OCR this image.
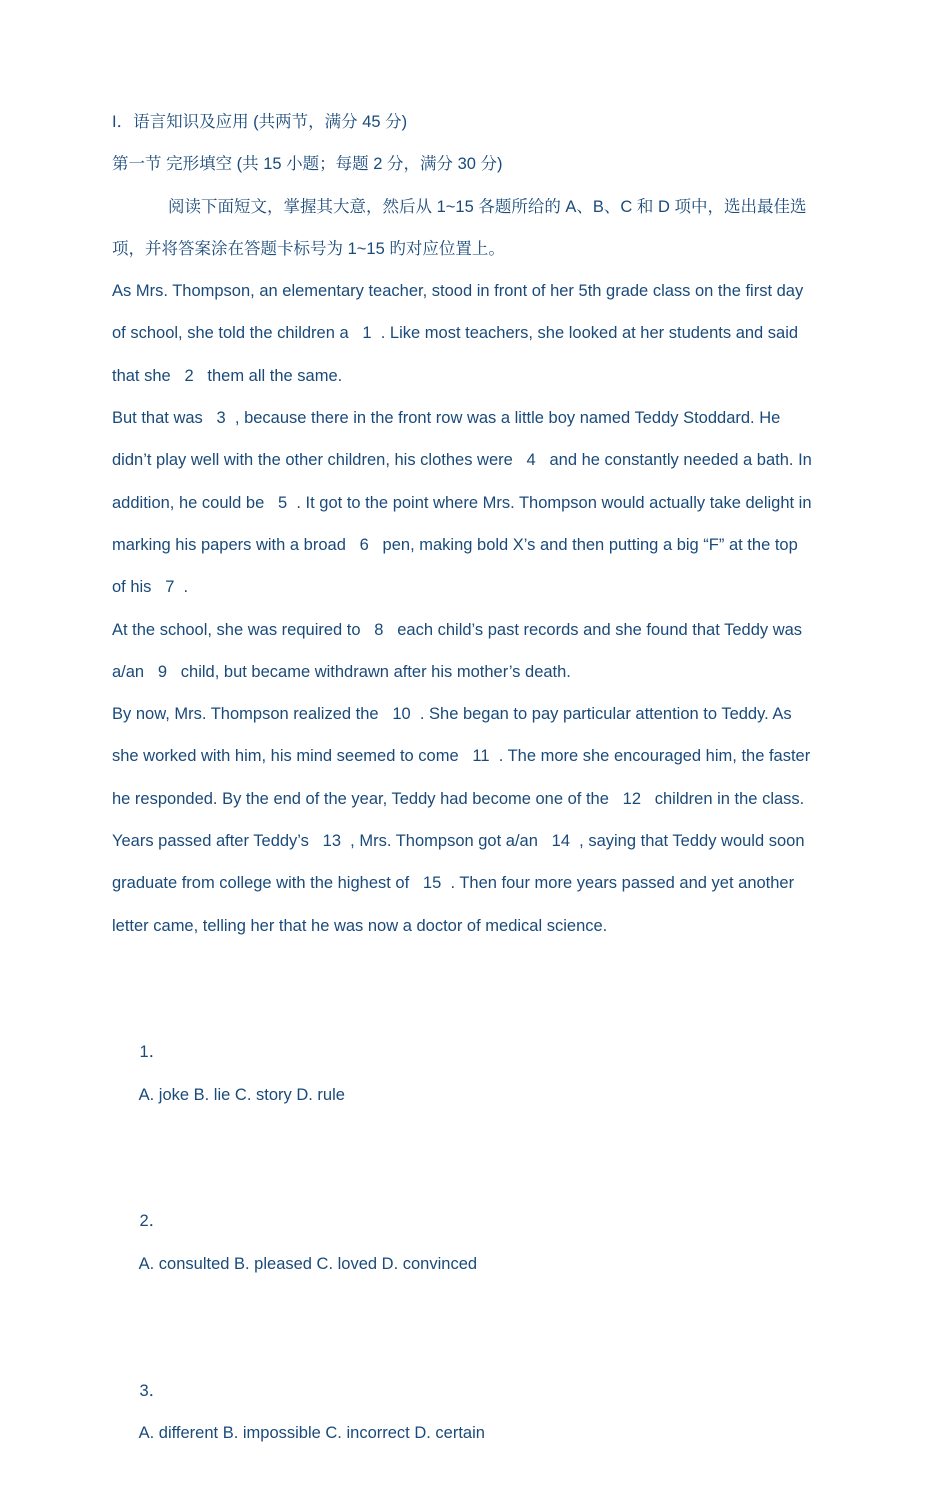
I．语言知识及应用 (共两节，满分 45 分)

第一节 完形填空 (共 15 小题；每题 2 分，满分 30 分)

阅读下面短文，掌握其大意，然后从 1~15 各题所给的 A、B、C 和 D 项中，选出最佳选

项，并将答案涂在答题卡标号为 1~15 旳对应位置上。

As Mrs. Thompson, an elementary teacher, stood in front of her 5th grade class on the first day

of school, she told the children a   1  . Like most teachers, she looked at her students and said

that she   2   them all the same.

But that was   3  , because there in the front row was a little boy named Teddy Stoddard. He

didn’t play well with the other children, his clothes were   4   and he constantly needed a bath. In

addition, he could be   5  . It got to the point where Mrs. Thompson would actually take delight in

marking his papers with a broad   6   pen, making bold X’s and then putting a big “F” at the top

of his   7  .

At the school, she was required to   8   each child’s past records and she found that Teddy was

a/an   9   child, but became withdrawn after his mother’s death.

By now, Mrs. Thompson realized the   10  . She began to pay particular attention to Teddy. As

she worked with him, his mind seemed to come   11  . The more she encouraged him, the faster

he responded. By the end of the year, Teddy had become one of the   12   children in the class.

Years passed after Teddy’s   13  , Mrs. Thompson got a/an   14  , saying that Teddy would soon

graduate from college with the highest of   15  . Then four more years passed and yet another

letter came, telling her that he was now a doctor of medical science.

1．
A. joke B. lie C. story D. rule

2．
A. consulted B. pleased C. loved D. convinced

3．
A. different B. impossible C. incorrect D. certain
